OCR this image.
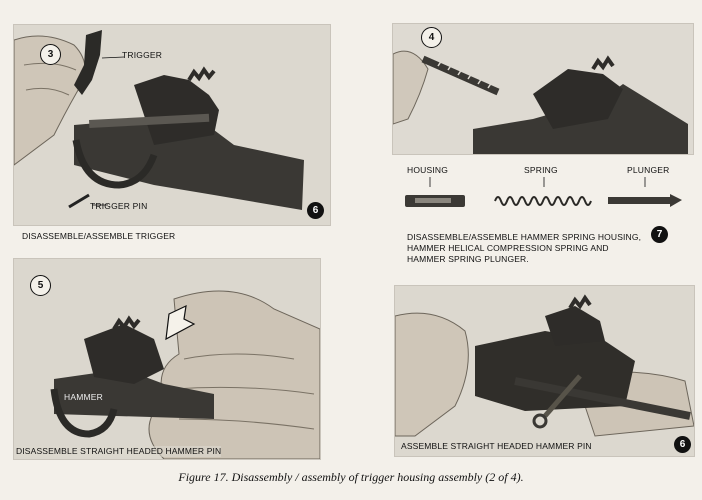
3	TRIGGER
TRIGGER PIN	6
DISASSEMBLE/ASSEMBLE TRIGGER
4
HOUSING	SPRING	PLUNGER
DISASSEMBLE/ASSEMBLE HAMMER SPRING HOUSING,
HAMMER HELICAL COMPRESSION SPRING AND
HAMMER SPRING PLUNGER.
7
5
HAMMER
DISASSEMBLE STRAIGHT HEADED HAMMER PIN	ASSEMBLE STRAIGHT HEADED HAMMER PIN	6
Figure 17. Disassembly / assembly of trigger housing assembly (2 of 4).
